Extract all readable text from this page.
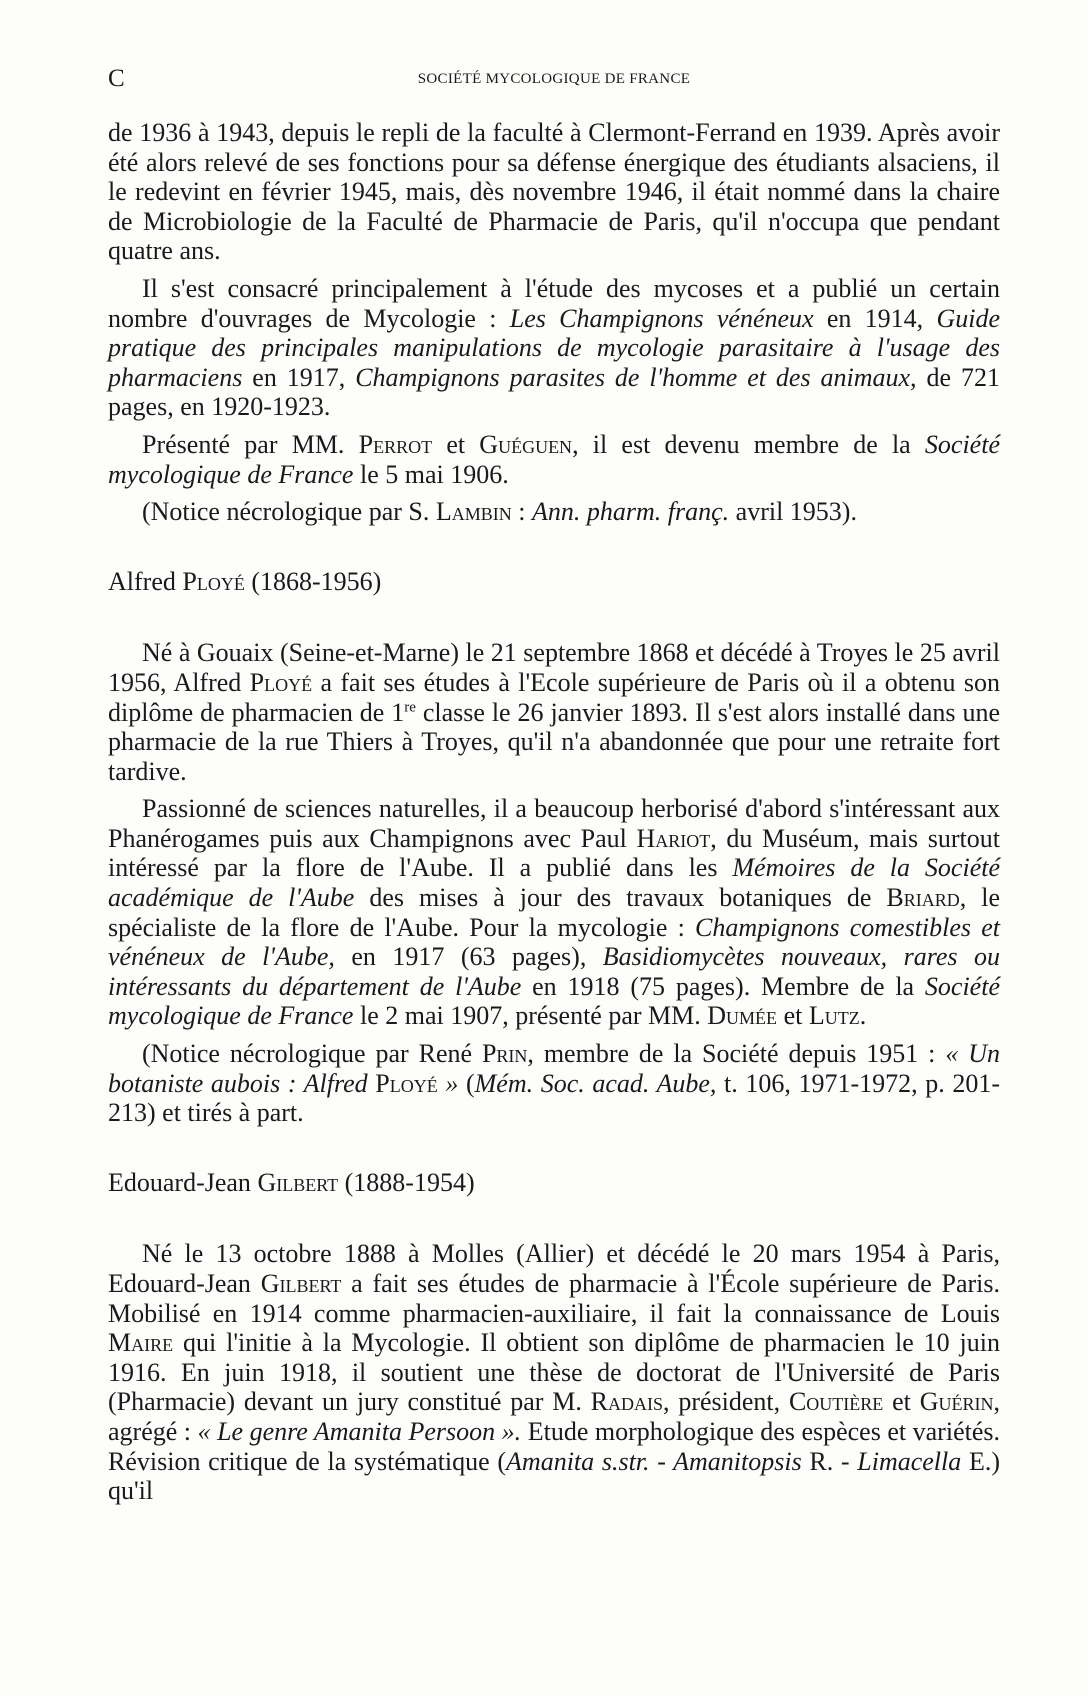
C	SOCIÉTÉ MYCOLOGIQUE DE FRANCE

de 1936 à 1943, depuis le repli de la faculté à Clermont-Ferrand en 1939. Après avoir été alors relevé de ses fonctions pour sa défense énergique des étudiants alsaciens, il le redevint en février 1945, mais, dès novembre 1946, il était nommé dans la chaire de Microbiologie de la Faculté de Pharmacie de Paris, qu'il n'occupa que pendant quatre ans.

Il s'est consacré principalement à l'étude des mycoses et a publié un certain nombre d'ouvrages de Mycologie : Les Champignons vénéneux en 1914, Guide pratique des principales manipulations de mycologie parasitaire à l'usage des pharmaciens en 1917, Champignons parasites de l'homme et des animaux, de 721 pages, en 1920-1923.

Présenté par MM. Perrot et Guéguen, il est devenu membre de la Société mycologique de France le 5 mai 1906.

(Notice nécrologique par S. Lambin : Ann. pharm. franç. avril 1953).

Alfred Ployé (1868-1956)

Né à Gouaix (Seine-et-Marne) le 21 septembre 1868 et décédé à Troyes le 25 avril 1956, Alfred Ployé a fait ses études à l'Ecole supérieure de Paris où il a obtenu son diplôme de pharmacien de 1re classe le 26 janvier 1893. Il s'est alors installé dans une pharmacie de la rue Thiers à Troyes, qu'il n'a abandonnée que pour une retraite fort tardive.

Passionné de sciences naturelles, il a beaucoup herborisé d'abord s'intéressant aux Phanérogames puis aux Champignons avec Paul Hariot, du Muséum, mais surtout intéressé par la flore de l'Aube. Il a publié dans les Mémoires de la Société académique de l'Aube des mises à jour des travaux botaniques de Briard, le spécialiste de la flore de l'Aube. Pour la mycologie : Champignons comestibles et vénéneux de l'Aube, en 1917 (63 pages), Basidiomycètes nouveaux, rares ou intéressants du département de l'Aube en 1918 (75 pages). Membre de la Société mycologique de France le 2 mai 1907, présenté par MM. Dumée et Lutz.

(Notice nécrologique par René Prin, membre de la Société depuis 1951 : « Un botaniste aubois : Alfred Ployé » (Mém. Soc. acad. Aube, t. 106, 1971-1972, p. 201-213) et tirés à part.

Edouard-Jean Gilbert (1888-1954)

Né le 13 octobre 1888 à Molles (Allier) et décédé le 20 mars 1954 à Paris, Edouard-Jean Gilbert a fait ses études de pharmacie à l'École supérieure de Paris. Mobilisé en 1914 comme pharmacien-auxiliaire, il fait la connaissance de Louis Maire qui l'initie à la Mycologie. Il obtient son diplôme de pharmacien le 10 juin 1916. En juin 1918, il soutient une thèse de doctorat de l'Université de Paris (Pharmacie) devant un jury constitué par M. Radais, président, Coutière et Guérin, agrégé : « Le genre Amanita Persoon ». Etude morphologique des espèces et variétés. Révision critique de la systématique (Amanita s.str. - Amanitopsis R. - Limacella E.) qu'il
